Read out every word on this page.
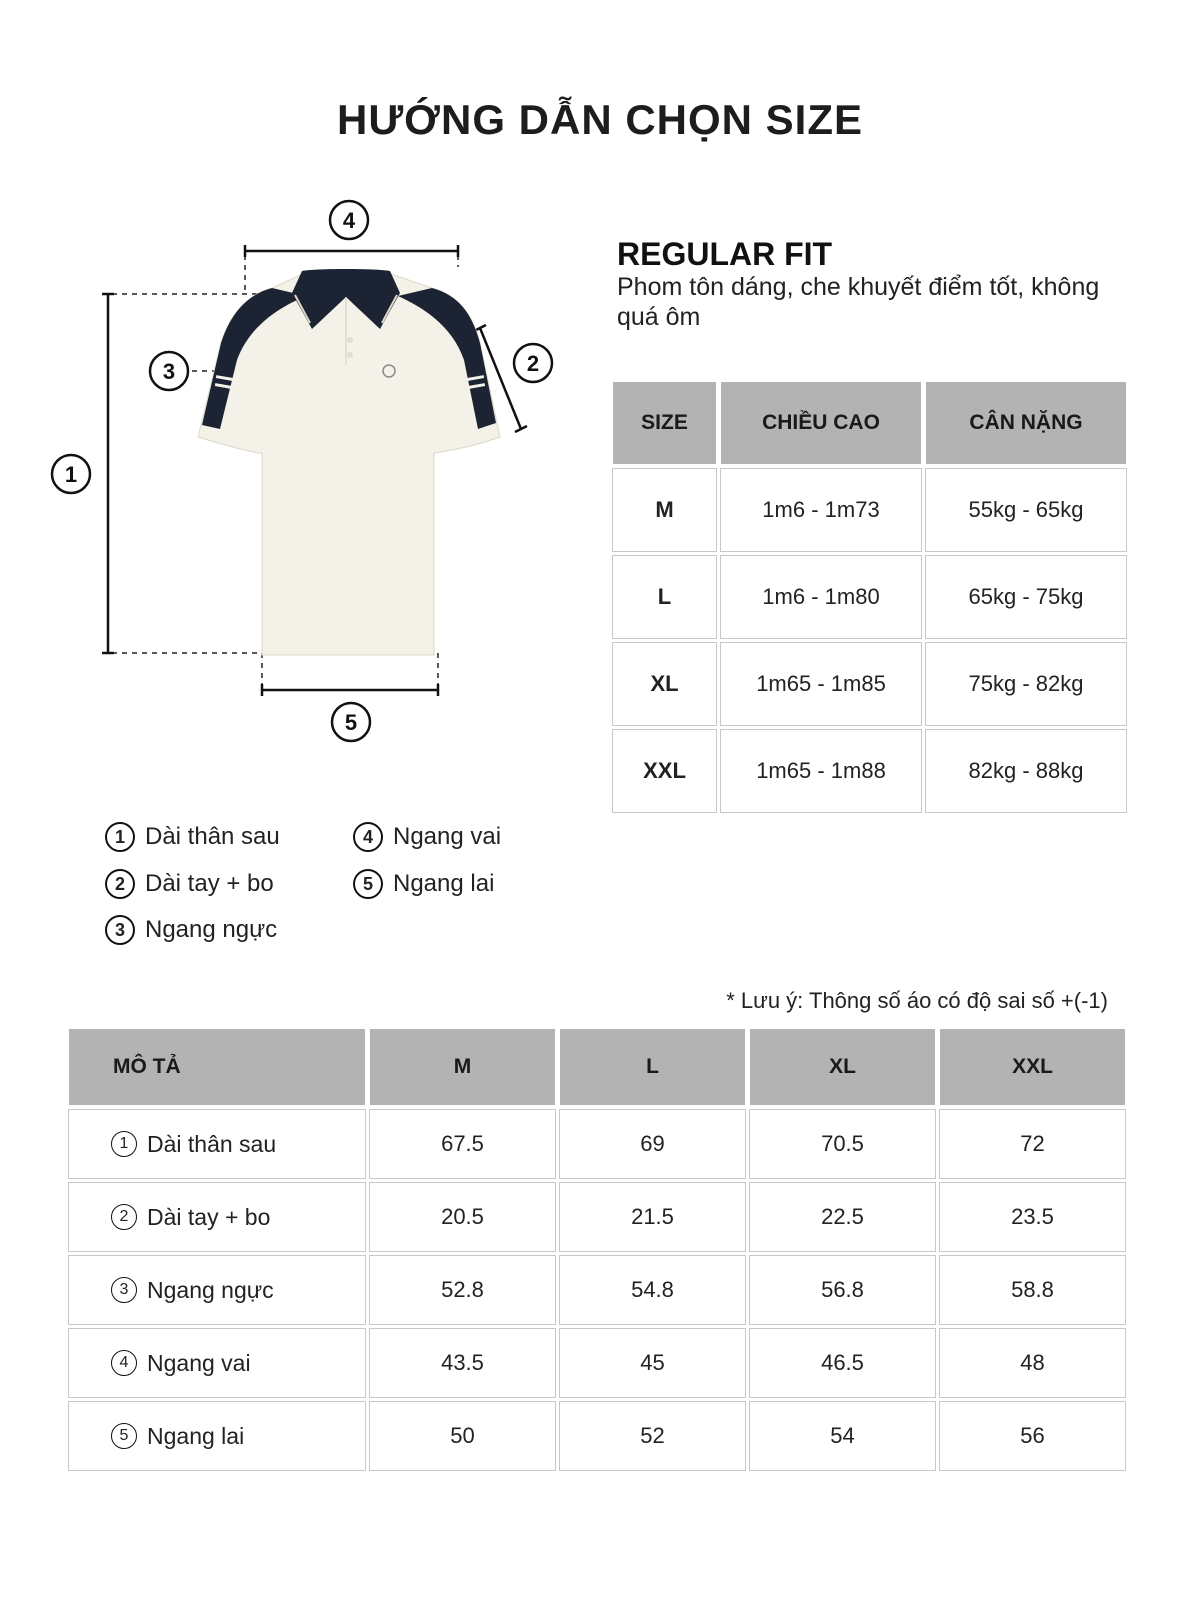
HƯỚNG DẪN CHỌN SIZE
1
2
3
4
5
REGULAR FIT
Phom tôn dáng, che khuyết điểm tốt, không quá ôm
SIZE	CHIỀU CAO	CÂN NẶNG
M	1m6 - 1m73	55kg - 65kg
L	1m6 - 1m80	65kg - 75kg
XL	1m65 - 1m85	75kg - 82kg
XXL	1m65 - 1m88	82kg - 88kg
1 Dài thân sau
2 Dài tay + bo
3 Ngang ngực
4 Ngang vai
5 Ngang lai
* Lưu ý: Thông số áo có độ sai số +(-1)
MÔ TẢ	M	L	XL	XXL

1 Dài thân sau	67.5	69	70.5	72

2 Dài tay + bo	20.5	21.5	22.5	23.5

3 Ngang ngực	52.8	54.8	56.8	58.8

4 Ngang vai	43.5	45	46.5	48

5 Ngang lai	50	52	54	56
